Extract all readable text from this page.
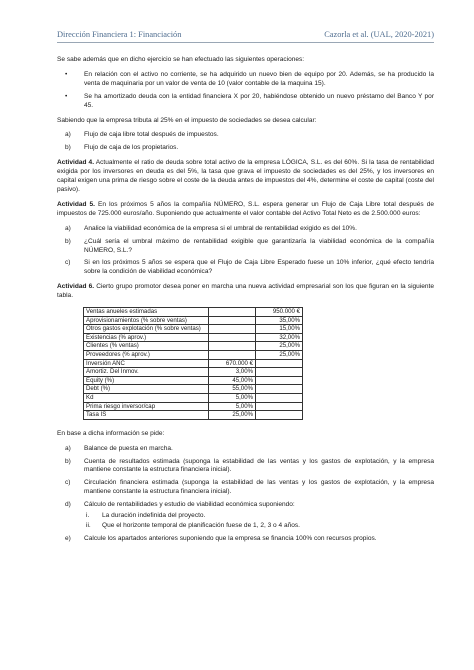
Dirección Financiera 1: Financiación	Cazorla et al. (UAL, 2020-2021)

Se sabe además que en dicho ejercicio se han efectuado las siguientes operaciones:

•	En relación con el activo no corriente, se ha adquirido un nuevo bien de equipo por 20. Además, se ha producido la venta de maquinaria por un valor de venta de 10 (valor contable de la maquina 15).
•	Se ha amortizado deuda con la entidad financiera X por 20, habiéndose obtenido un nuevo préstamo del Banco Y por 45.

Sabiendo que la empresa tributa al 25% en el impuesto de sociedades se desea calcular:

a) Flujo de caja libre total después de impuestos.
b) Flujo de caja de los propietarios.

Actividad 4. Actualmente el ratio de deuda sobre total activo de la empresa LÓGICA, S.L. es del 60%. Si la tasa de rentabilidad exigida por los inversores en deuda es del 5%, la tasa que grava el impuesto de sociedades es del 25%, y los inversores en capital exigen una prima de riesgo sobre el coste de la deuda antes de impuestos del 4%, determine el coste de capital (coste del pasivo).

Actividad 5. En los próximos 5 años la compañía NÚMERO, S.L. espera generar un Flujo de Caja Libre total después de impuestos de 725.000 euros/año. Suponiendo que actualmente el valor contable del Activo Total Neto es de 2.500.000 euros:

a) Analice la viabilidad económica de la empresa si el umbral de rentabilidad exigido es del 10%.
b) ¿Cuál sería el umbral máximo de rentabilidad exigible que garantizaría la viabilidad económica de la compañía NÚMERO, S.L.?
c) Si en los próximos 5 años se espera que el Flujo de Caja Libre Esperado fuese un 10% inferior, ¿qué efecto tendría sobre la condición de viabilidad económica?

Actividad 6. Cierto grupo promotor desea poner en marcha una nueva actividad empresarial son los que figuran en la siguiente tabla.

Ventas anueles estimadas		950.000 €
Aprovisionamientos (% sobre ventas)		35,00%
Otros gastos explotación (% sobre ventas)		15,00%
Existencias (% aprov.)		32,00%
Clientes (% ventas)		25,00%
Proveedores (% aprov.)		25,00%
Inversión ANC	670.000 €	
Amortiz. Del Inmov.	3,00%	
Equity (%)	45,00%	
Debt (%)	55,00%	
Kd	5,00%	
Prima riesgo inversor/cap	5,00%	
Tasa IS	25,00%	

En base a dicha información se pide:

a) Balance de puesta en marcha.
b) Cuenta de resultados estimada (suponga la estabilidad de las ventas y los gastos de explotación, y la empresa mantiene constante la estructura financiera inicial).
c) Circulación financiera estimada (suponga la estabilidad de las ventas y los gastos de explotación, y la empresa mantiene constante la estructura financiera inicial).
d) Cálculo de rentabilidades y estudio de viabilidad económica suponiendo:
i. La duración indefinida del proyecto.
ii. Que el horizonte temporal de planificación fuese de 1, 2, 3 o 4 años.
e) Calcule los apartados anteriores suponiendo que la empresa se financia 100% con recursos propios.
